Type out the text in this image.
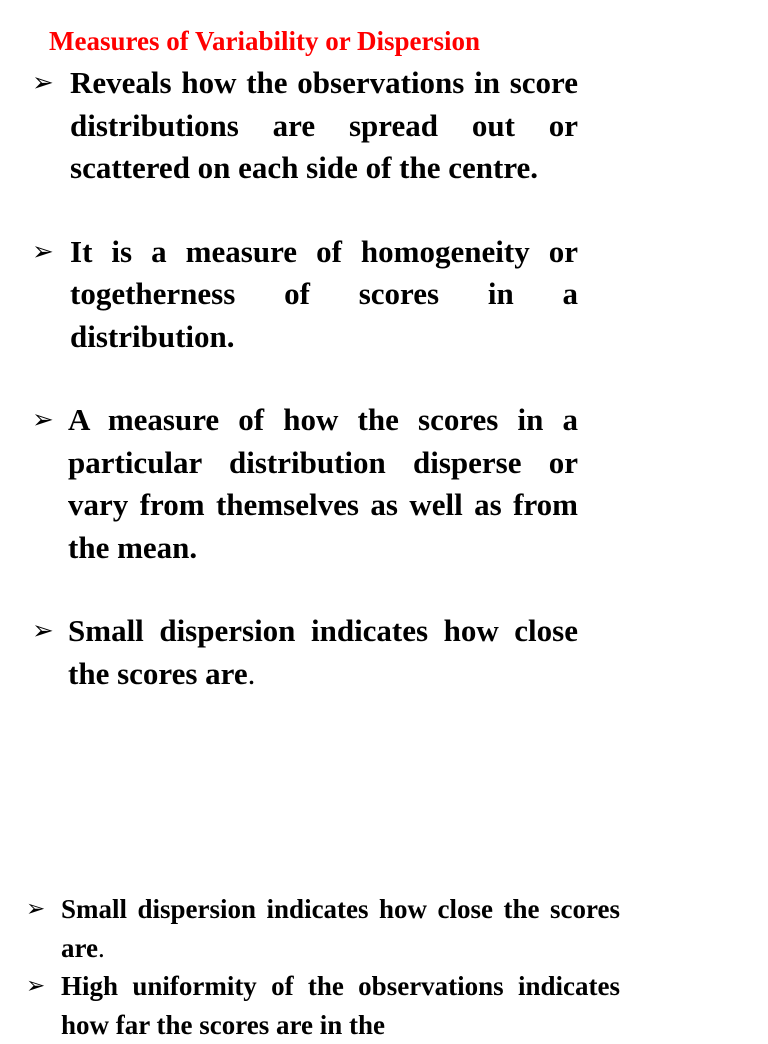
Measures of Variability or Dispersion
➢ Reveals how the observations in score distributions are spread out or scattered on each side of the centre.
➢ It is a measure of homogeneity or togetherness of scores in a distribution.
➢ A measure of how the scores in a particular distribution disperse or vary from themselves as well as from the mean.
➢ Small dispersion indicates how close the scores are.
➢ Small dispersion indicates how close the scores are.
➢ High uniformity of the observations indicates how far the scores are in the
